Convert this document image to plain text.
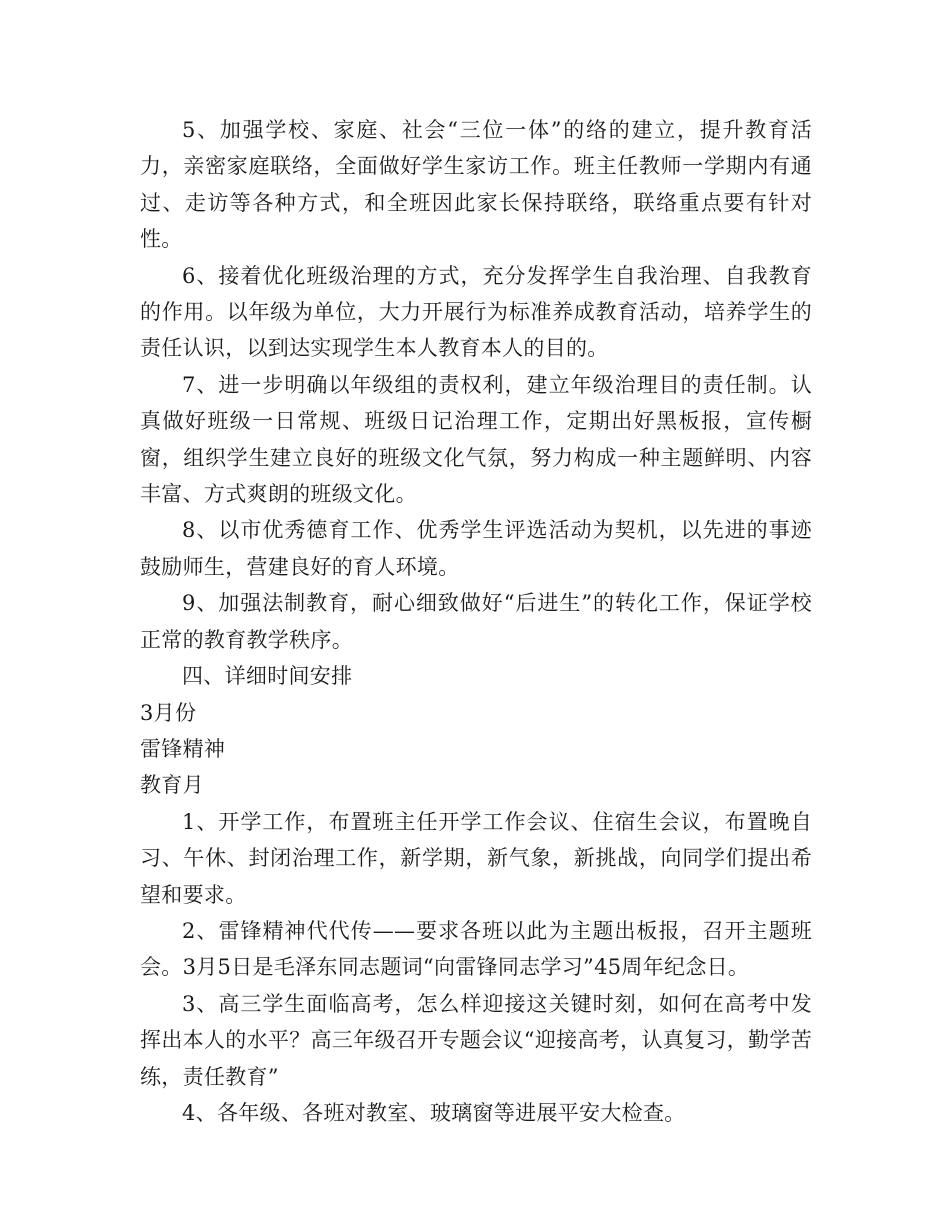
5、加强学校、家庭、社会“三位一体”的络的建立，提升教育活力，亲密家庭联络，全面做好学生家访工作。班主任教师一学期内有通过、走访等各种方式，和全班因此家长保持联络，联络重点要有针对性。

6、接着优化班级治理的方式，充分发挥学生自我治理、自我教育的作用。以年级为单位，大力开展行为标准养成教育活动，培养学生的责任认识，以到达实现学生本人教育本人的目的。

7、进一步明确以年级组的责权利，建立年级治理目的责任制。认真做好班级一日常规、班级日记治理工作，定期出好黑板报，宣传橱窗，组织学生建立良好的班级文化气氛，努力构成一种主题鲜明、内容丰富、方式爽朗的班级文化。

8、以市优秀德育工作、优秀学生评选活动为契机，以先进的事迹鼓励师生，营建良好的育人环境。

9、加强法制教育，耐心细致做好“后进生”的转化工作，保证学校正常的教育教学秩序。

四、详细时间安排

3月份

雷锋精神

教育月

1、开学工作，布置班主任开学工作会议、住宿生会议，布置晚自习、午休、封闭治理工作，新学期，新气象，新挑战，向同学们提出希望和要求。

2、雷锋精神代代传——要求各班以此为主题出板报，召开主题班会。3月5日是毛泽东同志题词“向雷锋同志学习”45周年纪念日。

3、高三学生面临高考，怎么样迎接这关键时刻，如何在高考中发挥出本人的水平？高三年级召开专题会议“迎接高考，认真复习，勤学苦练，责任教育”

4、各年级、各班对教室、玻璃窗等进展平安大检查。
